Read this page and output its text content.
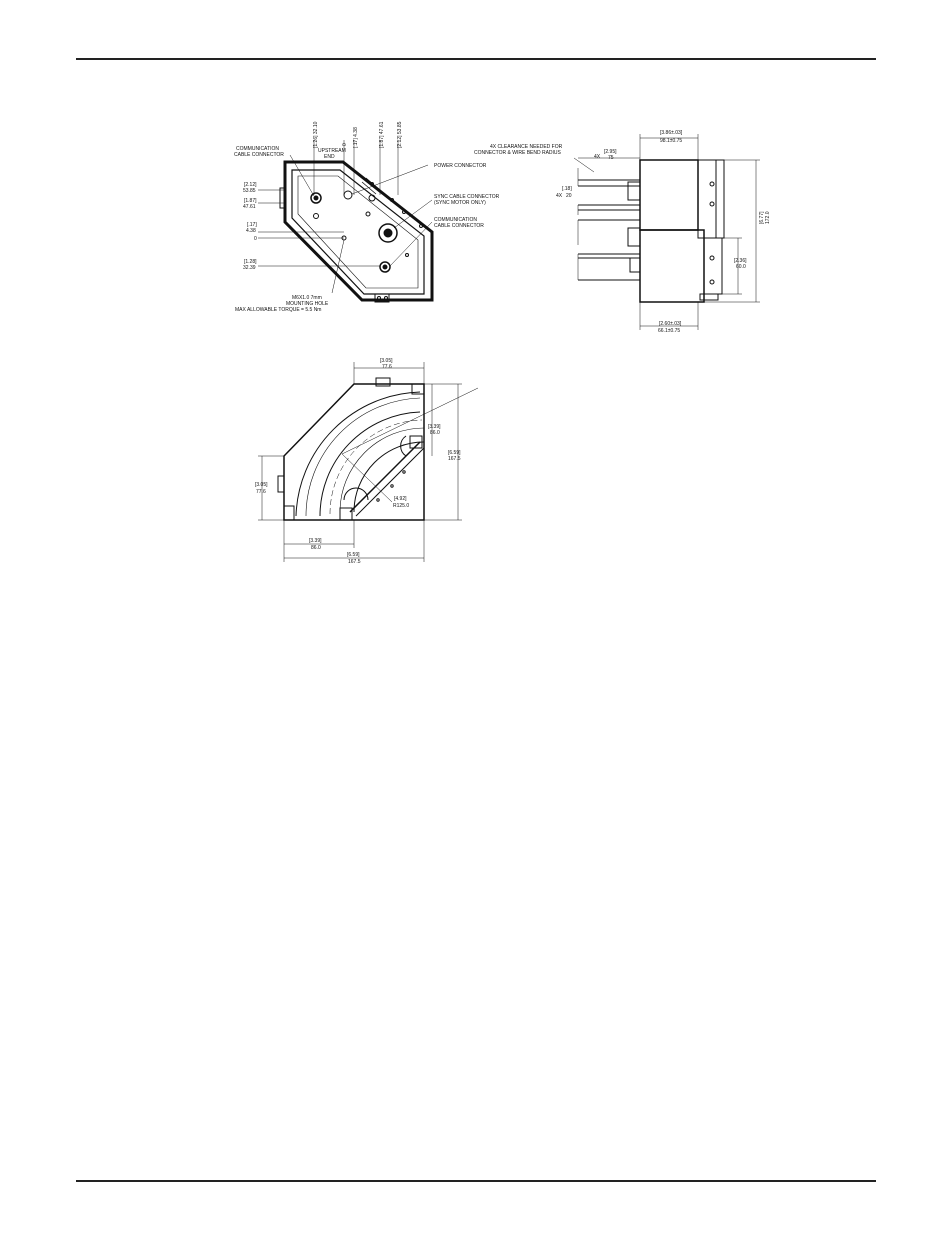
COMMUNICATION
CABLE CONNECTOR
UPSTREAM
END
POWER CONNECTOR
SYNC CABLE CONNECTOR
(SYNC MOTOR ONLY)
COMMUNICATION
CABLE CONNECTOR
M6X1.0 7mm
MOUNTING HOLE
MAX ALLOWABLE TORQUE = 5.5 Nm
[2.12]
53.85
[1.87]
47.61
[.17]
4.38
0
[1.28]
32.39
[1.26] 32.10	0 [.17] 4.38	[1.87] 47.61 [2.12] 53.85	4X CLEARANCE NEEDED FOR
CONNECTOR & WIRE BEND RADIUS
[3.86±.03]
98.1±0.75
4X
[2.95]
75
4X
[.18]
20
[2.36]
60.0
[2.60±.03]
66.1±0.75
[6.77] 172.0
[3.05]
77.6
[3.39]
86.0
[6.59]
167.5
[3.05]
77.6
[4.92]
R125.0
[3.39]
86.0
[6.59]
167.5
